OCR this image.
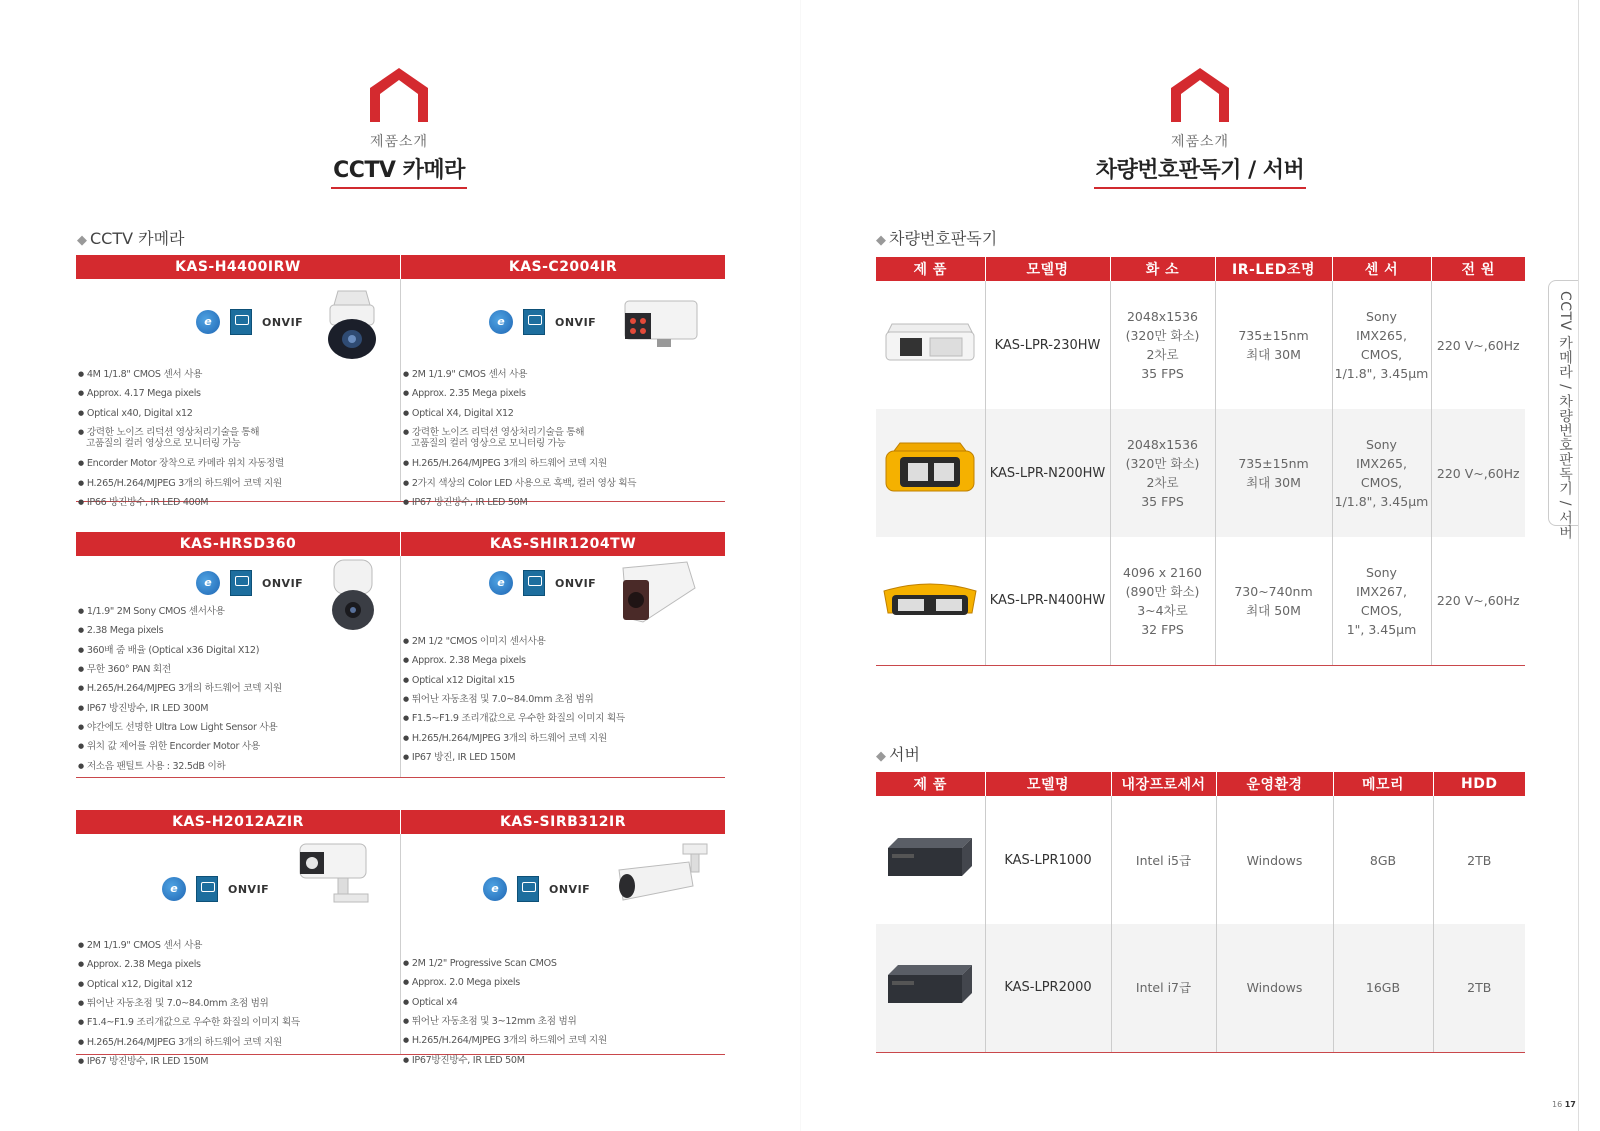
제품소개
CCTV 카메라
◆ CCTV 카메라
KAS-H4400IRW	KAS-C2004IR
e	ONVIF
● 4M 1/1.8" CMOS 센서 사용
● Approx. 4.17 Mega pixels
● Optical x40, Digital x12
● 강력한 노이즈 리덕션 영상처리기술을 통해
고품질의 컬러 영상으로 모니터링 가능
● Encorder Motor 장착으로 카메라 위치 자동정렬
● H.265/H.264/MJPEG 3개의 하드웨어 코덱 지원
● IP66 방진방수, IR LED 400M
e	ONVIF
● 2M 1/1.9" CMOS 센서 사용
● Approx. 2.35 Mega pixels
● Optical X4, Digital X12
● 강력한 노이즈 리덕션 영상처리기술을 통해
고품질의 컬러 영상으로 모니터링 가능
● H.265/H.264/MJPEG 3개의 하드웨어 코덱 지원
● 2가지 색상의 Color LED 사용으로 흑백, 컬러 영상 획득
● IP67 방진방수, IR LED 50M
KAS-HRSD360	KAS-SHIR1204TW
e	ONVIF
● 1/1.9" 2M Sony CMOS 센서사용
● 2.38 Mega pixels
● 360배 줌 배율 (Optical x36 Digital X12)
● 무한 360° PAN 회전
● H.265/H.264/MJPEG 3개의 하드웨어 코덱 지원
● IP67 방진방수, IR LED 300M
● 야간에도 선명한 Ultra Low Light Sensor 사용
● 위치 값 제어를 위한 Encorder Motor 사용
● 저소음 팬틸트 사용 : 32.5dB 이하
e	ONVIF
● 2M 1/2 "CMOS 이미지 센서사용
● Approx. 2.38 Mega pixels
● Optical x12 Digital x15
● 뛰어난 자동초점 및 7.0~84.0mm 초점 범위
● F1.5~F1.9 조리개값으로 우수한 화질의 이미지 획득
● H.265/H.264/MJPEG 3개의 하드웨어 코덱 지원
● IP67 방진, IR LED 150M
KAS-H2012AZIR	KAS-SIRB312IR
e	ONVIF
● 2M 1/1.9" CMOS 센서 사용
● Approx. 2.38 Mega pixels
● Optical x12, Digital x12
● 뛰어난 자동초점 및 7.0~84.0mm 초점 범위
● F1.4~F1.9 조리개값으로 우수한 화질의 이미지 획득
● H.265/H.264/MJPEG 3개의 하드웨어 코덱 지원
● IP67 방진방수, IR LED 150M
e	ONVIF
● 2M 1/2" Progressive Scan CMOS
● Approx. 2.0 Mega pixels
● Optical x4
● 뛰어난 자동초점 및 3~12mm 초점 범위
● H.265/H.264/MJPEG 3개의 하드웨어 코덱 지원
● IP67방진방수, IR LED 50M
제품소개
차량번호판독기 / 서버
◆ 차량번호판독기
제 품	모델명	화 소	IR-LED조명	센 서	전 원
	KAS-LPR-230HW	2048x1536
(320만 화소)
2차로
35 FPS	735±15nm
최대 30M	Sony
IMX265,
CMOS,
1/1.8", 3.45μm	220 V~,60Hz
	KAS-LPR-N200HW	2048x1536
(320만 화소)
2차로
35 FPS	735±15nm
최대 30M	Sony
IMX265,
CMOS,
1/1.8", 3.45μm	220 V~,60Hz
	KAS-LPR-N400HW	4096 x 2160
(890만 화소)
3~4차로
32 FPS	730~740nm
최대 50M	Sony
IMX267,
CMOS,
1", 3.45μm	220 V~,60Hz
◆ 서버
제 품	모델명	내장프로세서	운영환경	메모리	HDD
	KAS-LPR1000	Intel i5급	Windows	8GB	2TB
	KAS-LPR2000	Intel i7급	Windows	16GB	2TB
CCTV 카메라 / 차량번호판독기 / 서버
16 17
